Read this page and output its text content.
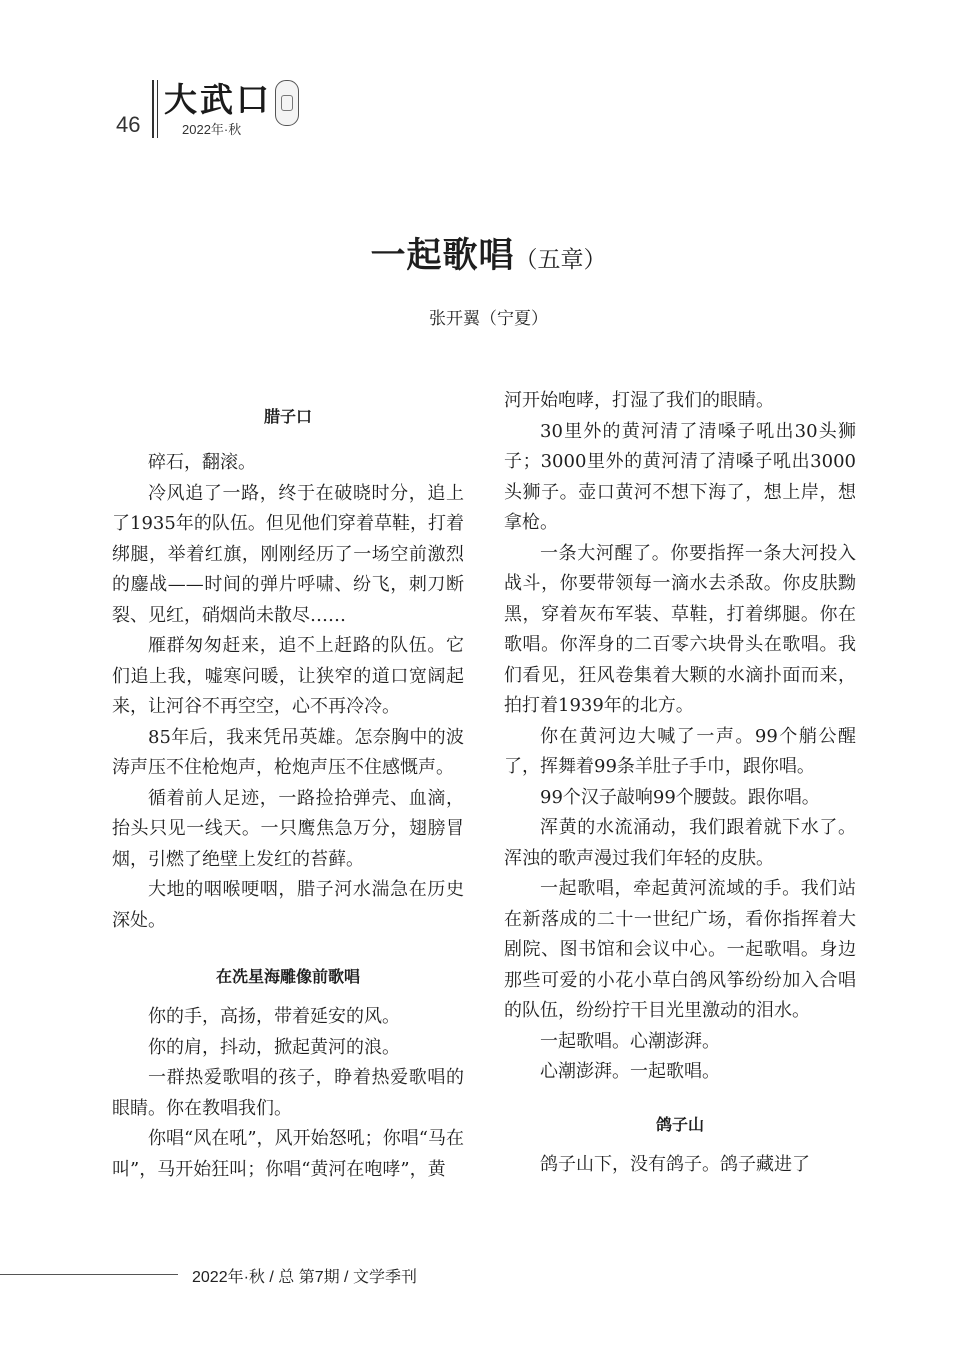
46
大武口
2022年·秋
一起歌唱（五章）
张开翼（宁夏）
腊子口

碎石，翻滚。

冷风追了一路，终于在破晓时分，追上了1935年的队伍。但见他们穿着草鞋，打着绑腿，举着红旗，刚刚经历了一场空前激烈的鏖战——时间的弹片呼啸、纷飞，刺刀断裂、见红，硝烟尚未散尽……

雁群匆匆赶来，追不上赶路的队伍。它们追上我，嘘寒问暖，让狭窄的道口宽阔起来，让河谷不再空空，心不再冷冷。

85年后，我来凭吊英雄。怎奈胸中的波涛声压不住枪炮声，枪炮声压不住感慨声。

循着前人足迹，一路捡拾弹壳、血滴，抬头只见一线天。一只鹰焦急万分，翅膀冒烟，引燃了绝壁上发红的苔藓。

大地的咽喉哽咽，腊子河水湍急在历史深处。

在冼星海雕像前歌唱

你的手，高扬，带着延安的风。

你的肩，抖动，掀起黄河的浪。

一群热爱歌唱的孩子，睁着热爱歌唱的眼睛。你在教唱我们。

你唱“风在吼”，风开始怒吼；你唱“马在叫”，马开始狂叫；你唱“黄河在咆哮”，黄

河开始咆哮，打湿了我们的眼睛。

30里外的黄河清了清嗓子吼出30头狮子；3000里外的黄河清了清嗓子吼出3000头狮子。壶口黄河不想下海了，想上岸，想拿枪。

一条大河醒了。你要指挥一条大河投入战斗，你要带领每一滴水去杀敌。你皮肤黝黑，穿着灰布军装、草鞋，打着绑腿。你在歌唱。你浑身的二百零六块骨头在歌唱。我们看见，狂风卷集着大颗的水滴扑面而来，拍打着1939年的北方。

你在黄河边大喊了一声。99个艄公醒了，挥舞着99条羊肚子手巾，跟你唱。

99个汉子敲响99个腰鼓。跟你唱。

浑黄的水流涌动，我们跟着就下水了。浑浊的歌声漫过我们年轻的皮肤。

一起歌唱，牵起黄河流域的手。我们站在新落成的二十一世纪广场，看你指挥着大剧院、图书馆和会议中心。一起歌唱。身边那些可爱的小花小草白鸽风筝纷纷加入合唱的队伍，纷纷拧干目光里激动的泪水。

一起歌唱。心潮澎湃。

心潮澎湃。一起歌唱。

鸽子山

鸽子山下，没有鸽子。鸽子藏进了

2022年·秋 / 总 第7期 / 文学季刊
